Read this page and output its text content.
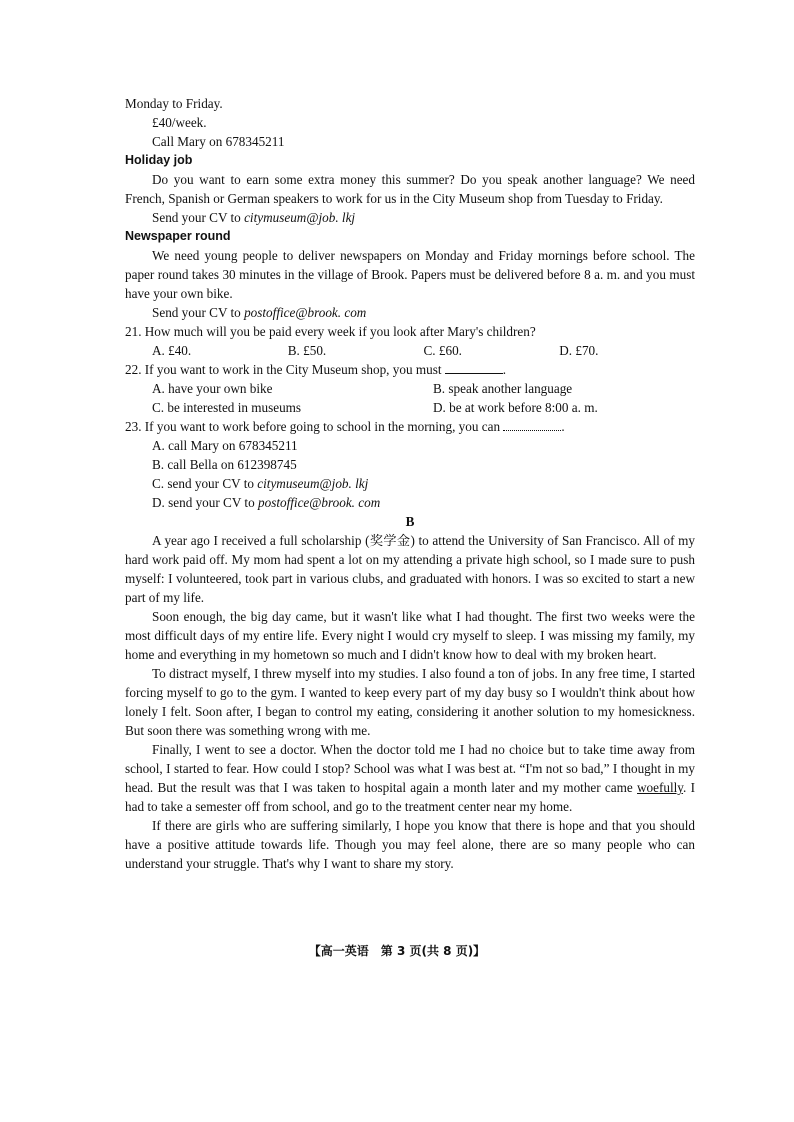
Monday to Friday.
£40/week.
Call Mary on 678345211
Holiday job
Do you want to earn some extra money this summer? Do you speak another language? We need French, Spanish or German speakers to work for us in the City Museum shop from Tuesday to Friday.
Send your CV to citymuseum@job. lkj
Newspaper round
We need young people to deliver newspapers on Monday and Friday mornings before school. The paper round takes 30 minutes in the village of Brook. Papers must be delivered before 8 a. m. and you must have your own bike.
Send your CV to postoffice@brook. com
21. How much will you be paid every week if you look after Mary's children?
A. £40.	B. £50.	C. £60.	D. £70.
22. If you want to work in the City Museum shop, you must	.
A. have your own bike	B. speak another language
C. be interested in museums	D. be at work before 8:00 a. m.
23. If you want to work before going to school in the morning, you can	.
A. call Mary on 678345211
B. call Bella on 612398745
C. send your CV to citymuseum@job. lkj
D. send your CV to postoffice@brook. com
B
A year ago I received a full scholarship (奖学金) to attend the University of San Francisco. All of my hard work paid off. My mom had spent a lot on my attending a private high school, so I made sure to push myself: I volunteered, took part in various clubs, and graduated with honors. I was so excited to start a new part of my life.
Soon enough, the big day came, but it wasn't like what I had thought. The first two weeks were the most difficult days of my entire life. Every night I would cry myself to sleep. I was missing my family, my home and everything in my hometown so much and I didn't know how to deal with my broken heart.
To distract myself, I threw myself into my studies. I also found a ton of jobs. In any free time, I started forcing myself to go to the gym. I wanted to keep every part of my day busy so I wouldn't think about how lonely I felt. Soon after, I began to control my eating, considering it another solution to my homesickness. But soon there was something wrong with me.
Finally, I went to see a doctor. When the doctor told me I had no choice but to take time away from school, I started to fear. How could I stop? School was what I was best at. “I'm not so bad,” I thought in my head. But the result was that I was taken to hospital again a month later and my mother came woefully. I had to take a semester off from school, and go to the treatment center near my home.
If there are girls who are suffering similarly, I hope you know that there is hope and that you should have a positive attitude towards life. Though you may feel alone, there are so many people who can understand your struggle. That's why I want to share my story.
【高一英语　第 3 页(共 8 页)】
